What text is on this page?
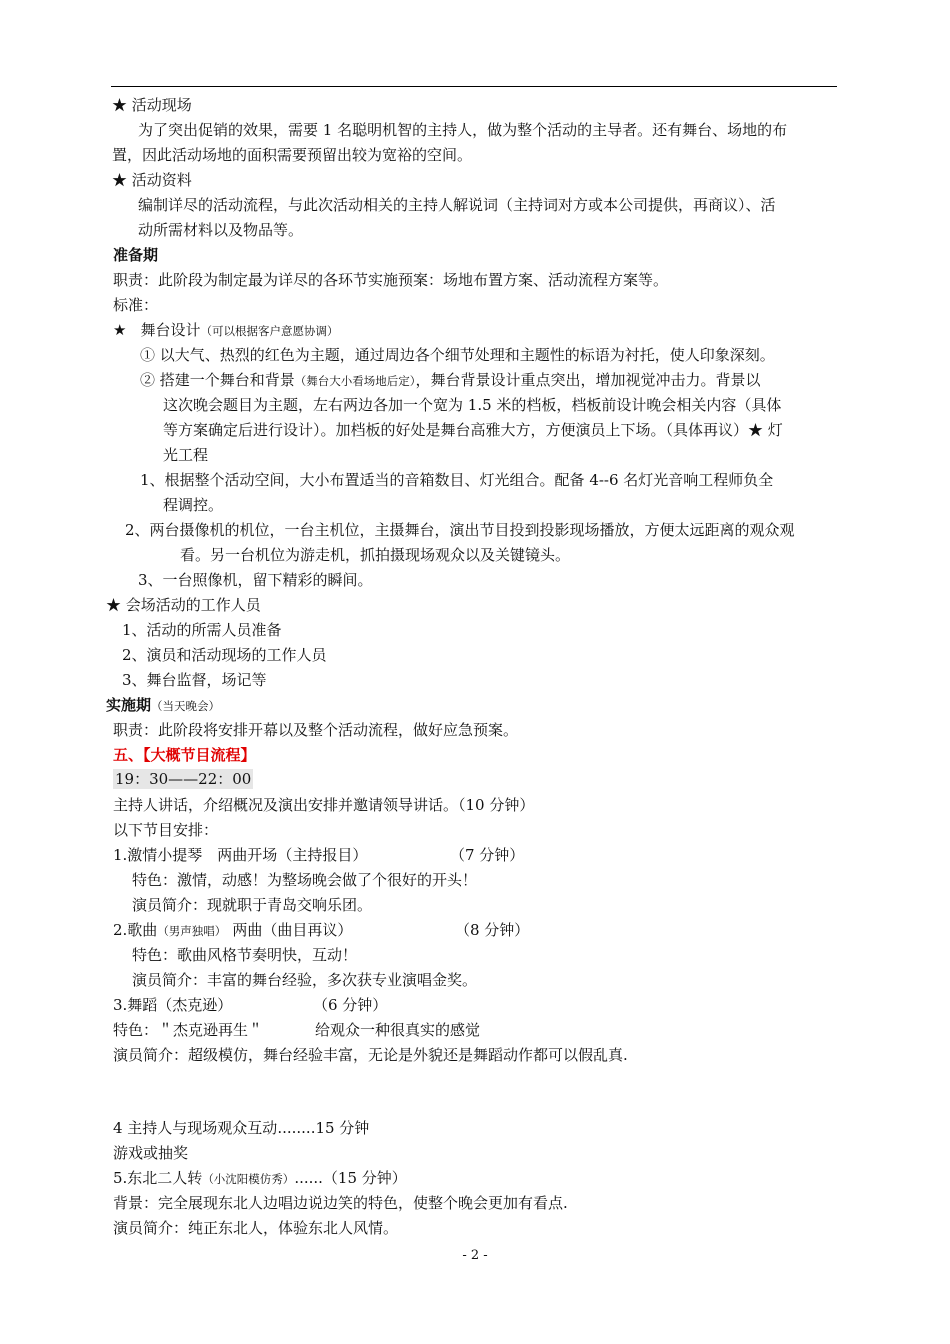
★ 活动现场
为了突出促销的效果，需要 1 名聪明机智的主持人，做为整个活动的主导者。还有舞台、场地的布
置，因此活动场地的面积需要预留出较为宽裕的空间。
★ 活动资料
编制详尽的活动流程，与此次活动相关的主持人解说词（主持词对方或本公司提供，再商议）、活
动所需材料以及物品等。
准备期
职责：此阶段为制定最为详尽的各环节实施预案：场地布置方案、活动流程方案等。
标准：
★ 舞台设计（可以根据客户意愿协调）
① 以大气、热烈的红色为主题，通过周边各个细节处理和主题性的标语为衬托，使人印象深刻。
② 搭建一个舞台和背景（舞台大小看场地后定），舞台背景设计重点突出，增加视觉冲击力。背景以
这次晚会题目为主题，左右两边各加一个宽为 1.5 米的档板，档板前设计晚会相关内容（具体
等方案确定后进行设计）。加档板的好处是舞台高雅大方，方便演员上下场。（具体再议）★ 灯
光工程
1、根据整个活动空间，大小布置适当的音箱数目、灯光组合。配备 4--6 名灯光音响工程师负全
程调控。
2、两台摄像机的机位，一台主机位，主摄舞台，演出节目投到投影现场播放，方便太远距离的观众观
看。另一台机位为游走机，抓拍摄现场观众以及关键镜头。
3、一台照像机，留下精彩的瞬间。
★ 会场活动的工作人员
1、活动的所需人员准备
2、演员和活动现场的工作人员
3、舞台监督，场记等
实施期（当天晚会）
职责：此阶段将安排开幕以及整个活动流程，做好应急预案。
五、【大概节目流程】
19：30——22：00
主持人讲话，介绍概况及演出安排并邀请领导讲话。（10 分钟）
以下节目安排：
1.激情小提琴　两曲开场（主持报目）	（7 分钟）
特色：激情，动感！为整场晚会做了个很好的开头！
演员简介：现就职于青岛交响乐团。
2.歌曲（男声独唱） 两曲（曲目再议）	（8 分钟）
特色：歌曲风格节奏明快，互动！
演员简介：丰富的舞台经验，多次获专业演唱金奖。
3.舞蹈（杰克逊）	（6 分钟）
特色：＂杰克逊再生＂	给观众一种很真实的感觉
演员简介：超级模仿，舞台经验丰富，无论是外貌还是舞蹈动作都可以假乱真.
4 主持人与现场观众互动........15 分钟
游戏或抽奖
5.东北二人转（小沈阳模仿秀）......（15 分钟）
背景：完全展现东北人边唱边说边笑的特色，使整个晚会更加有看点.
演员简介：纯正东北人，体验东北人风情。
- 2 -
